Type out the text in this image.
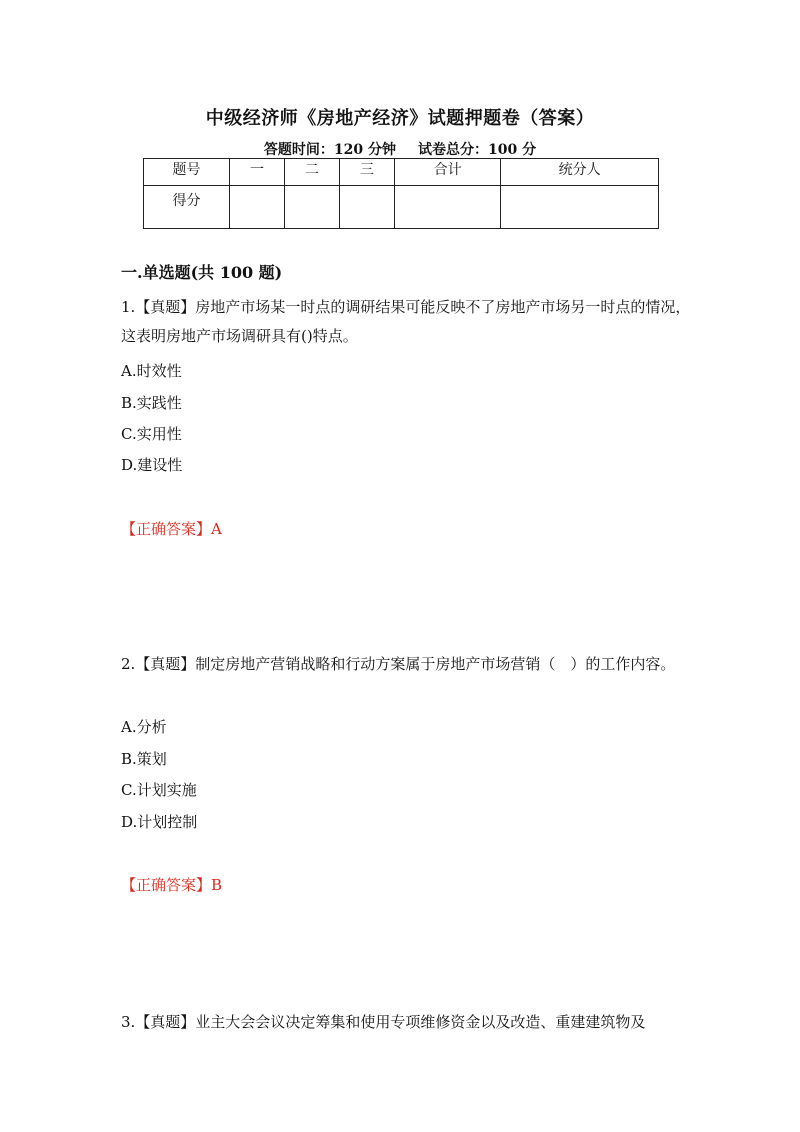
中级经济师《房地产经济》试题押题卷（答案）
答题时间：120 分钟 试卷总分：100 分
题号	一	二	三	合计	统分人
得分					
一.单选题(共 100 题)
1.【真题】房地产市场某一时点的调研结果可能反映不了房地产市场另一时点的情况，这表明房地产市场调研具有()特点。
A.时效性
B.实践性
C.实用性
D.建设性
【正确答案】A
2.【真题】制定房地产营销战略和行动方案属于房地产市场营销（　）的工作内容。
A.分析
B.策划
C.计划实施
D.计划控制
【正确答案】B
3.【真题】业主大会会议决定筹集和使用专项维修资金以及改造、重建建筑物及
